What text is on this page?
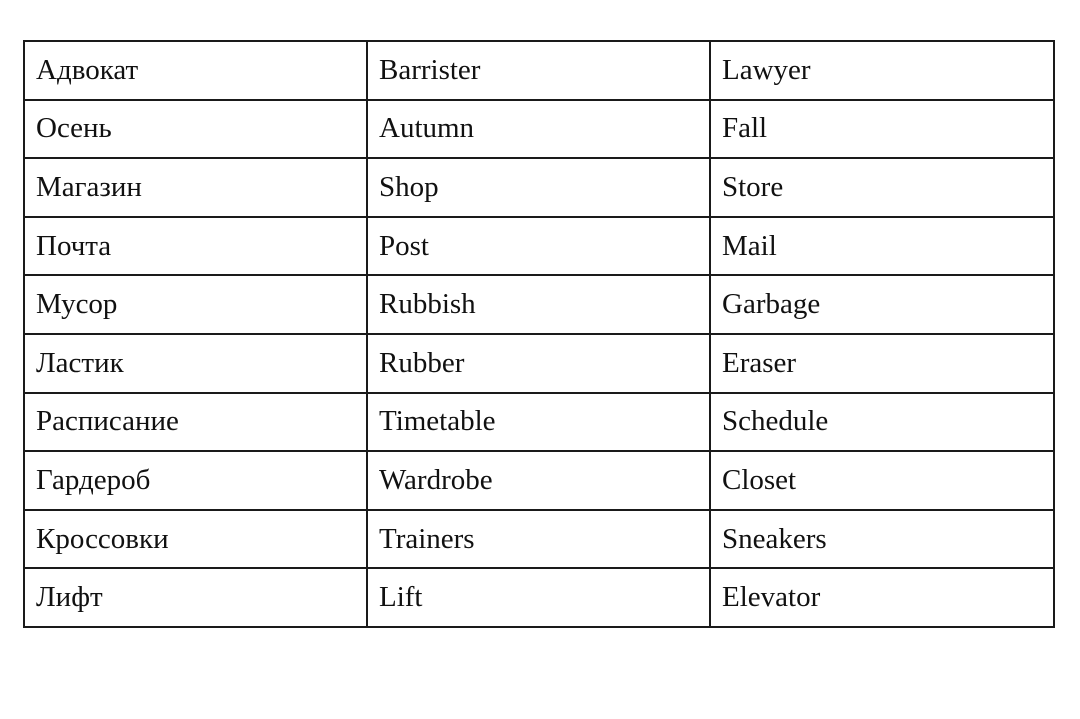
Адвокат	Barrister	Lawyer
Осень	Autumn	Fall
Магазин	Shop	Store
Почта	Post	Mail
Мусор	Rubbish	Garbage
Ластик	Rubber	Eraser
Расписание	Timetable	Schedule
Гардероб	Wardrobe	Closet
Кроссовки	Trainers	Sneakers
Лифт	Lift	Elevator
